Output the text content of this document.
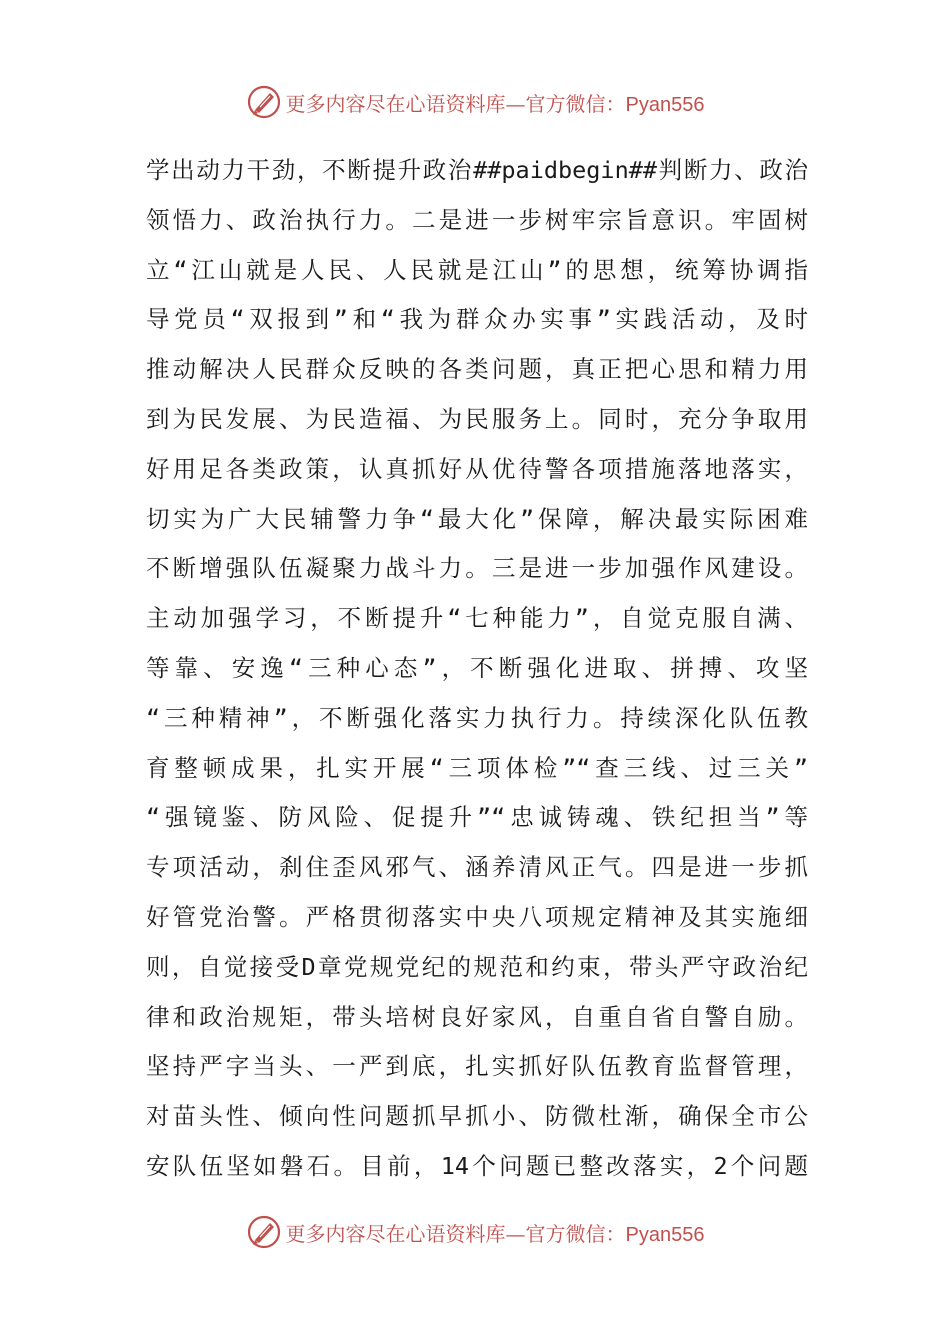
更多内容尽在心语资料库—官方微信：Pyan556
学出动力干劲，不断提升政治##paidbegin##判断力、政治
领悟力、政治执行力。二是进一步树牢宗旨意识。牢固树
立“江山就是人民、人民就是江山”的思想，统筹协调指
导党员“双报到”和“我为群众办实事”实践活动，及时
推动解决人民群众反映的各类问题，真正把心思和精力用
到为民发展、为民造福、为民服务上。同时，充分争取用
好用足各类政策，认真抓好从优待警各项措施落地落实，
切实为广大民辅警力争“最大化”保障，解决最实际困难
不断增强队伍凝聚力战斗力。三是进一步加强作风建设。
主动加强学习，不断提升“七种能力”，自觉克服自满、
等靠、安逸“三种心态”，不断强化进取、拼搏、攻坚
“三种精神”，不断强化落实力执行力。持续深化队伍教
育整顿成果，扎实开展“三项体检”“查三线、过三关”
“强镜鉴、防风险、促提升”“忠诚铸魂、铁纪担当”等
专项活动，刹住歪风邪气、涵养清风正气。四是进一步抓
好管党治警。严格贯彻落实中央八项规定精神及其实施细
则，自觉接受D章党规党纪的规范和约束，带头严守政治纪
律和政治规矩，带头培树良好家风，自重自省自警自励。
坚持严字当头、一严到底，扎实抓好队伍教育监督管理，
对苗头性、倾向性问题抓早抓小、防微杜渐，确保全市公
安队伍坚如磐石。目前，14个问题已整改落实，2个问题
更多内容尽在心语资料库—官方微信：Pyan556
